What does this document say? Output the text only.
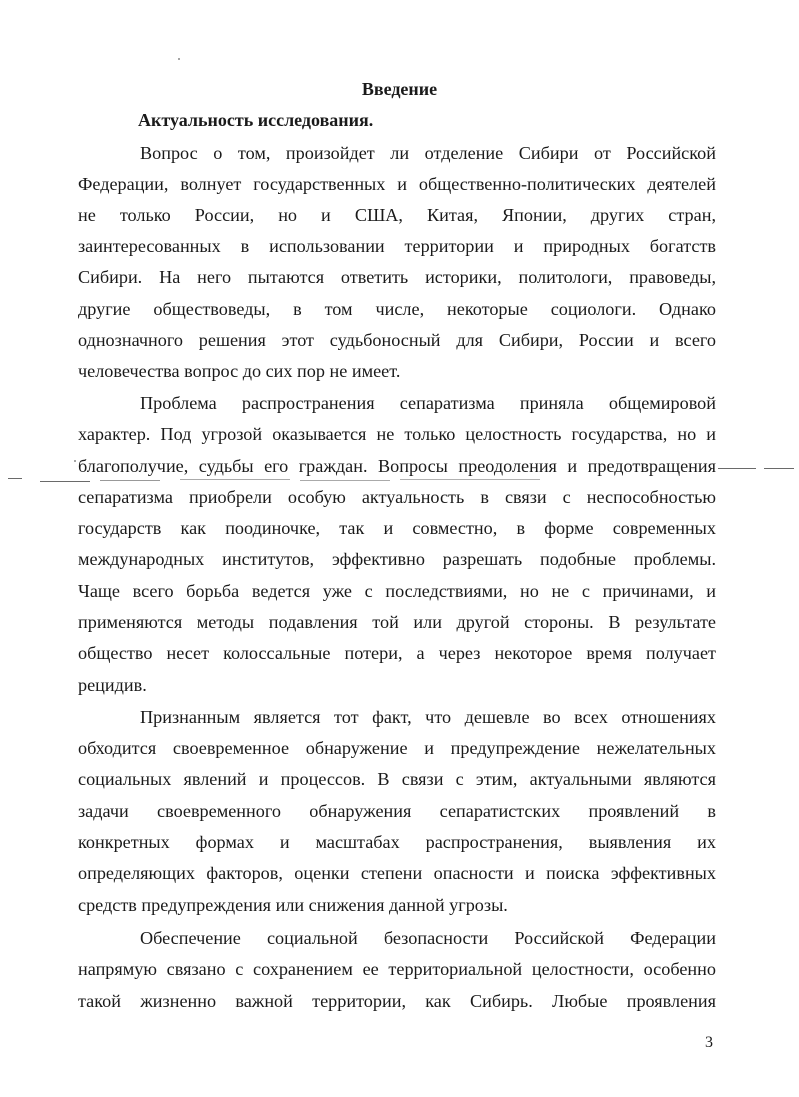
Введение
Актуальность исследования.
Вопрос о том, произойдет ли отделение Сибири от Российской
Федерации, волнует государственных и общественно-политических деятелей
не только России, но и США, Китая, Японии, других стран,
заинтересованных в использовании территории и природных богатств
Сибири. На него пытаются ответить историки, политологи, правоведы,
другие обществоведы, в том числе, некоторые социологи. Однако
однозначного решения этот судьбоносный для Сибири, России и всего
человечества вопрос до сих пор не имеет.
Проблема распространения сепаратизма приняла общемировой
характер. Под угрозой оказывается не только целостность государства, но и
благополучие, судьбы его граждан. Вопросы преодоления и предотвращения
сепаратизма приобрели особую актуальность в связи с неспособностью
государств как поодиночке, так и совместно, в форме современных
международных институтов, эффективно разрешать подобные проблемы.
Чаще всего борьба ведется уже с последствиями, но не с причинами, и
применяются методы подавления той или другой стороны. В результате
общество несет колоссальные потери, а через некоторое время получает
рецидив.
Признанным является тот факт, что дешевле во всех отношениях
обходится своевременное обнаружение и предупреждение нежелательных
социальных явлений и процессов. В связи с этим, актуальными являются
задачи своевременного обнаружения сепаратистских проявлений в
конкретных формах и масштабах распространения, выявления их
определяющих факторов, оценки степени опасности и поиска эффективных
средств предупреждения или снижения данной угрозы.
Обеспечение социальной безопасности Российской Федерации
напрямую связано с сохранением ее территориальной целостности, особенно
такой жизненно важной территории, как Сибирь. Любые проявления
3
